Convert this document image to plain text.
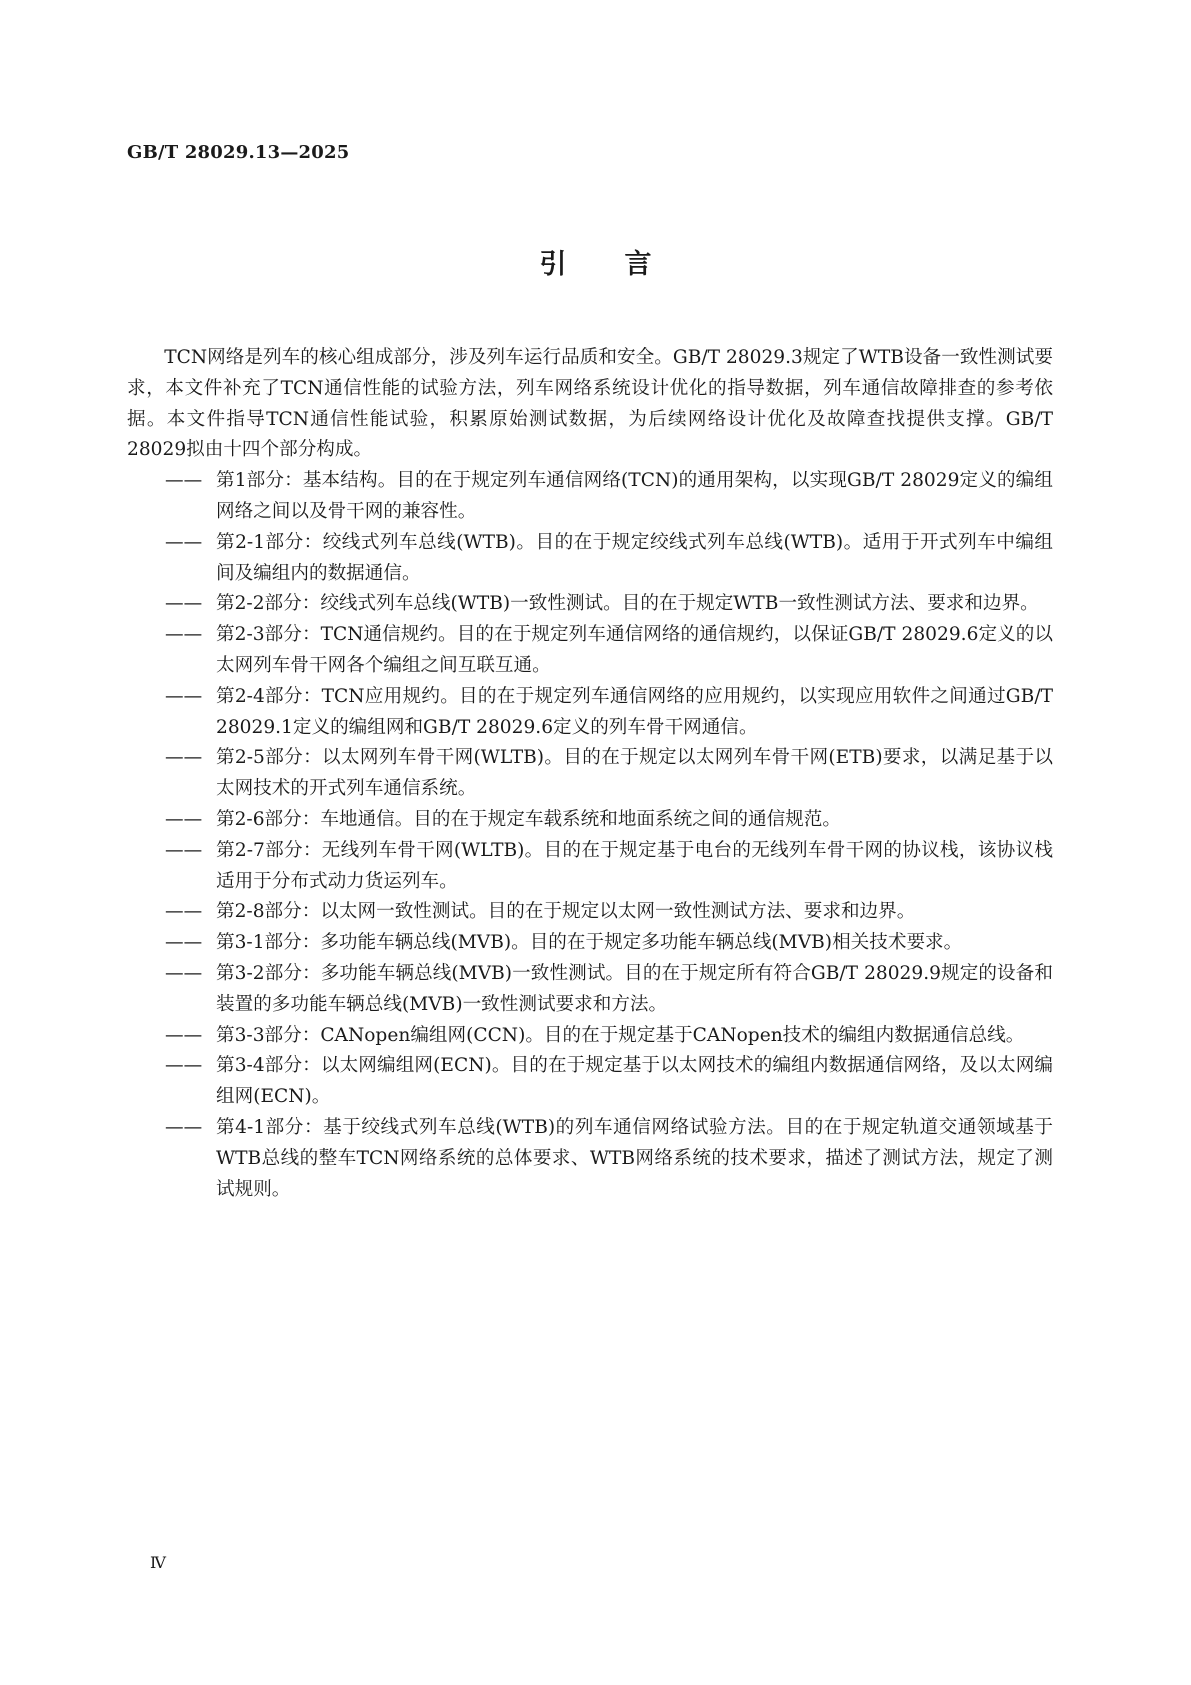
GB/T 28029.13—2025
引言

TCN网络是列车的核心组成部分，涉及列车运行品质和安全。GB/T 28029.3规定了WTB设备一致性测试要求，本文件补充了TCN通信性能的试验方法，列车网络系统设计优化的指导数据，列车通信故障排查的参考依据。本文件指导TCN通信性能试验，积累原始测试数据，为后续网络设计优化及故障查找提供支撑。GB/T 28029拟由十四个部分构成。

—— 第1部分：基本结构。目的在于规定列车通信网络(TCN)的通用架构，以实现GB/T 28029定义的编组网络之间以及骨干网的兼容性。

—— 第2-1部分：绞线式列车总线(WTB)。目的在于规定绞线式列车总线(WTB)。适用于开式列车中编组间及编组内的数据通信。

—— 第2-2部分：绞线式列车总线(WTB)一致性测试。目的在于规定WTB一致性测试方法、要求和边界。

—— 第2-3部分：TCN通信规约。目的在于规定列车通信网络的通信规约，以保证GB/T 28029.6定义的以太网列车骨干网各个编组之间互联互通。

—— 第2-4部分：TCN应用规约。目的在于规定列车通信网络的应用规约，以实现应用软件之间通过GB/T 28029.1定义的编组网和GB/T 28029.6定义的列车骨干网通信。

—— 第2-5部分：以太网列车骨干网(WLTB)。目的在于规定以太网列车骨干网(ETB)要求，以满足基于以太网技术的开式列车通信系统。

—— 第2-6部分：车地通信。目的在于规定车载系统和地面系统之间的通信规范。

—— 第2-7部分：无线列车骨干网(WLTB)。目的在于规定基于电台的无线列车骨干网的协议栈，该协议栈适用于分布式动力货运列车。

—— 第2-8部分：以太网一致性测试。目的在于规定以太网一致性测试方法、要求和边界。

—— 第3-1部分：多功能车辆总线(MVB)。目的在于规定多功能车辆总线(MVB)相关技术要求。

—— 第3-2部分：多功能车辆总线(MVB)一致性测试。目的在于规定所有符合GB/T 28029.9规定的设备和装置的多功能车辆总线(MVB)一致性测试要求和方法。

—— 第3-3部分：CANopen编组网(CCN)。目的在于规定基于CANopen技术的编组内数据通信总线。

—— 第3-4部分：以太网编组网(ECN)。目的在于规定基于以太网技术的编组内数据通信网络，及以太网编组网(ECN)。

—— 第4-1部分：基于绞线式列车总线(WTB)的列车通信网络试验方法。目的在于规定轨道交通领域基于WTB总线的整车TCN网络系统的总体要求、WTB网络系统的技术要求，描述了测试方法，规定了测试规则。

Ⅳ
